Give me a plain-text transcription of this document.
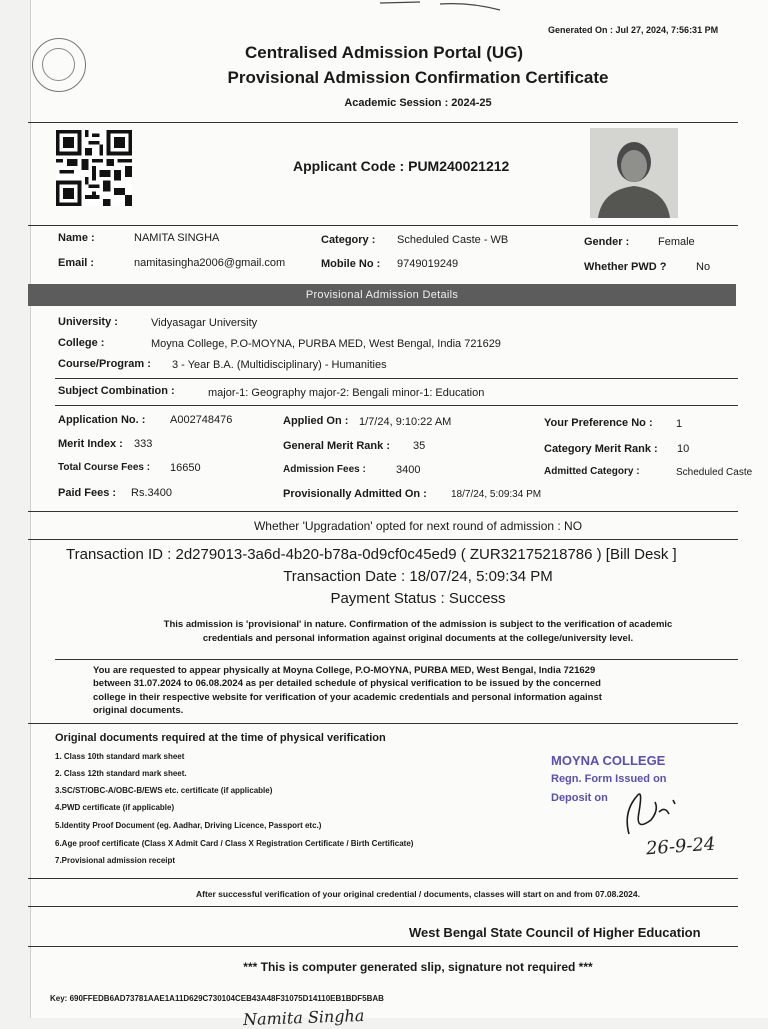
Generated On : Jul 27, 2024, 7:56:31 PM
Centralised Admission Portal (UG)
Provisional Admission Confirmation Certificate
Academic Session : 2024-25
Applicant Code : PUM240021212
Name :	NAMITA SINGHA	Category : Scheduled Caste - WB	Gender :	Female
Email :	namitasingha2006@gmail.com	Mobile No : 9749019249	Whether PWD ?	No
Provisional Admission Details
University :	Vidyasagar University
College :	Moyna College, P.O-MOYNA, PURBA MED, West Bengal, India 721629
Course/Program : 3 - Year B.A. (Multidisciplinary) - Humanities
Subject Combination :	major-1: Geography major-2: Bengali minor-1: Education
Application No. : A002748476	Applied On : 1/7/24, 9:10:22 AM	Your Preference No : 1
Merit Index : 333	General Merit Rank : 35	Category Merit Rank : 10
Total Course Fees : 16650	Admission Fees :	3400	Admitted Category :	Scheduled Caste
Paid Fees : Rs.3400	Provisionally Admitted On : 18/7/24, 5:09:34 PM
Whether 'Upgradation' opted for next round of admission : NO
Transaction ID : 2d279013-3a6d-4b20-b78a-0d9cf0c45ed9 ( ZUR32175218786 ) [Bill Desk ]
Transaction Date : 18/07/24, 5:09:34 PM
Payment Status : Success
This admission is 'provisional' in nature. Confirmation of the admission is subject to the verification of academic
credentials and personal information against original documents at the college/university level.
You are requested to appear physically at Moyna College, P.O-MOYNA, PURBA MED, West Bengal, India 721629
between 31.07.2024 to 06.08.2024 as per detailed schedule of physical verification to be issued by the concerned
college in their respective website for verification of your academic credentials and personal information against
original documents.
Original documents required at the time of physical verification
1. Class 10th standard mark sheet
2. Class 12th standard mark sheet.
3.SC/ST/OBC-A/OBC-B/EWS etc. certificate (if applicable)
4.PWD certificate (if applicable)
5.Identity Proof Document (eg. Aadhar, Driving Licence, Passport etc.)
6.Age proof certificate (Class X Admit Card / Class X Registration Certificate / Birth Certificate)
7.Provisional admission receipt
MOYNA COLLEGE
Regn. Form Issued on
Deposit on
26-9-24
After successful verification of your original credential / documents, classes will start on and from 07.08.2024.
West Bengal State Council of Higher Education
*** This is computer generated slip, signature not required ***
Key: 690FFEDB6AD73781AAE1A11D629C730104CEB43A48F31075D14110EB1BDF5BAB
Namita Singha
